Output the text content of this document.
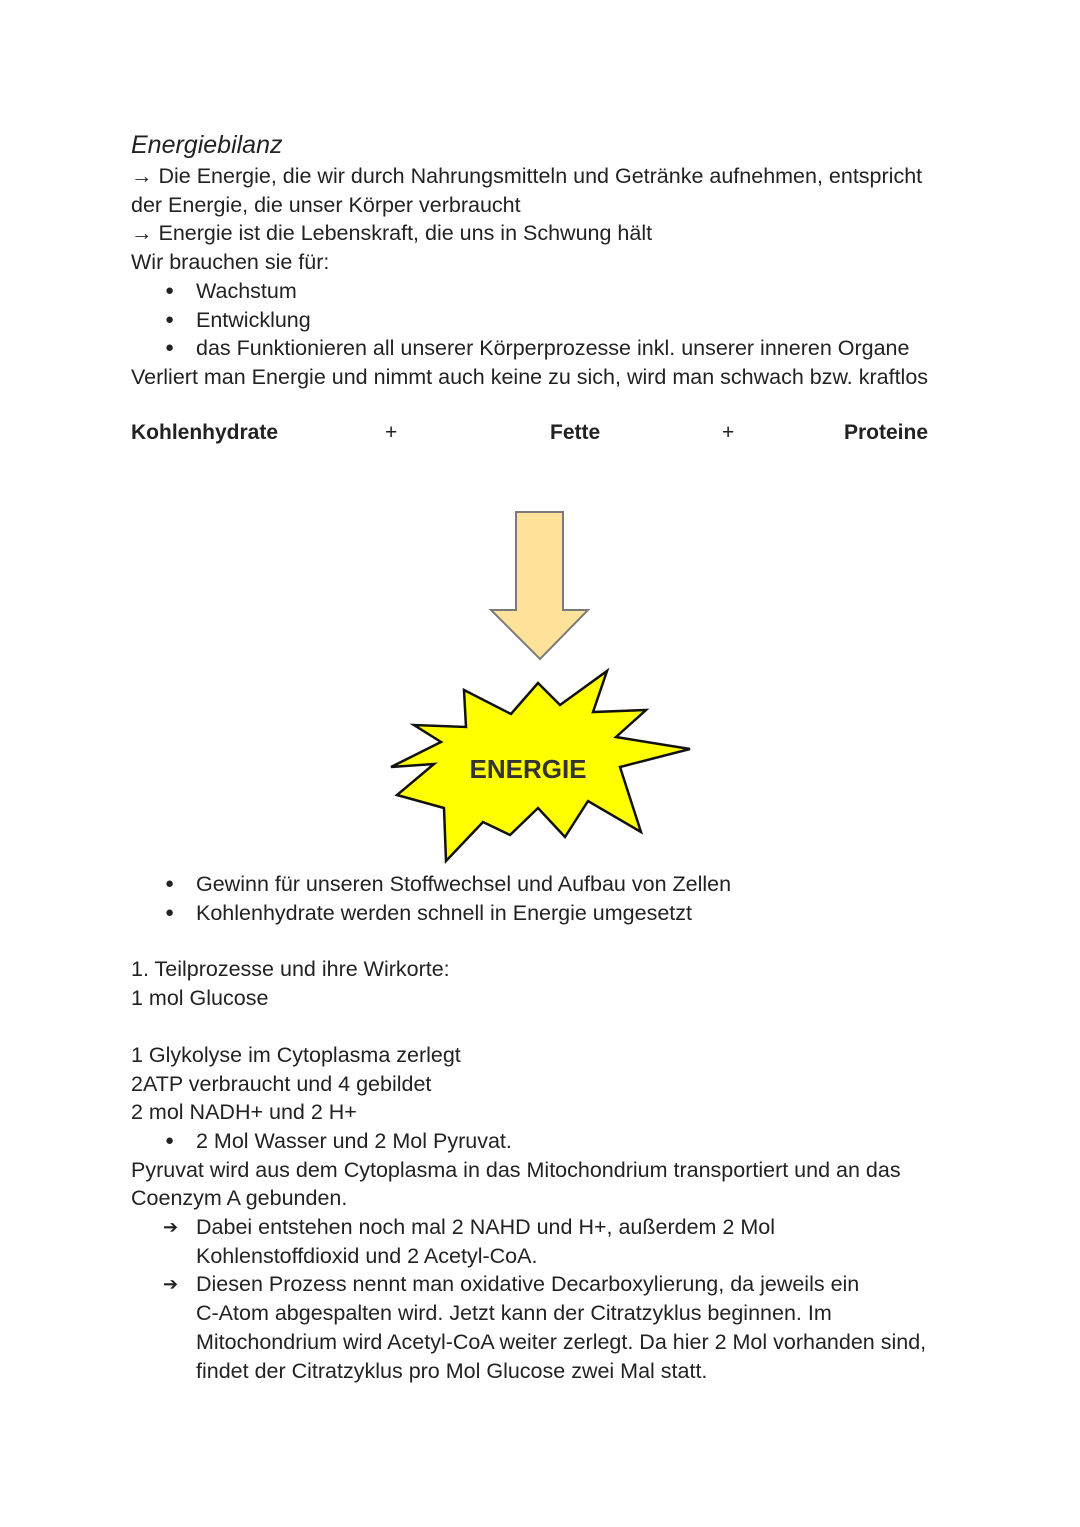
Energiebilanz

→ Die Energie, die wir durch Nahrungsmitteln und Getränke aufnehmen, entspricht

der Energie, die unser Körper verbraucht

→ Energie ist die Lebenskraft, die uns in Schwung hält

Wir brauchen sie für:

● Wachstum
● Entwicklung
● das Funktionieren all unserer Körperprozesse inkl. unserer inneren Organe

Verliert man Energie und nimmt auch keine zu sich, wird man schwach bzw. kraftlos

Kohlenhydrate	+	Fette	+	Proteine
ENERGIE
● Gewinn für unseren Stoffwechsel und Aufbau von Zellen
● Kohlenhydrate werden schnell in Energie umgesetzt

1. Teilprozesse und ihre Wirkorte:

1 mol Glucose

1 Glykolyse im Cytoplasma zerlegt

2ATP verbraucht und 4 gebildet

2 mol NADH+ und 2 H+

● 2 Mol Wasser und 2 Mol Pyruvat.

Pyruvat wird aus dem Cytoplasma in das Mitochondrium transportiert und an das

Coenzym A gebunden.

➔ Dabei entstehen noch mal 2 NAHD und H+, außerdem 2 Mol
Kohlenstoffdioxid und 2 Acetyl-CoA.
➔ Diesen Prozess nennt man oxidative Decarboxylierung, da jeweils ein
C-Atom abgespalten wird. Jetzt kann der Citratzyklus beginnen. Im
Mitochondrium wird Acetyl-CoA weiter zerlegt. Da hier 2 Mol vorhanden sind,
findet der Citratzyklus pro Mol Glucose zwei Mal statt.
